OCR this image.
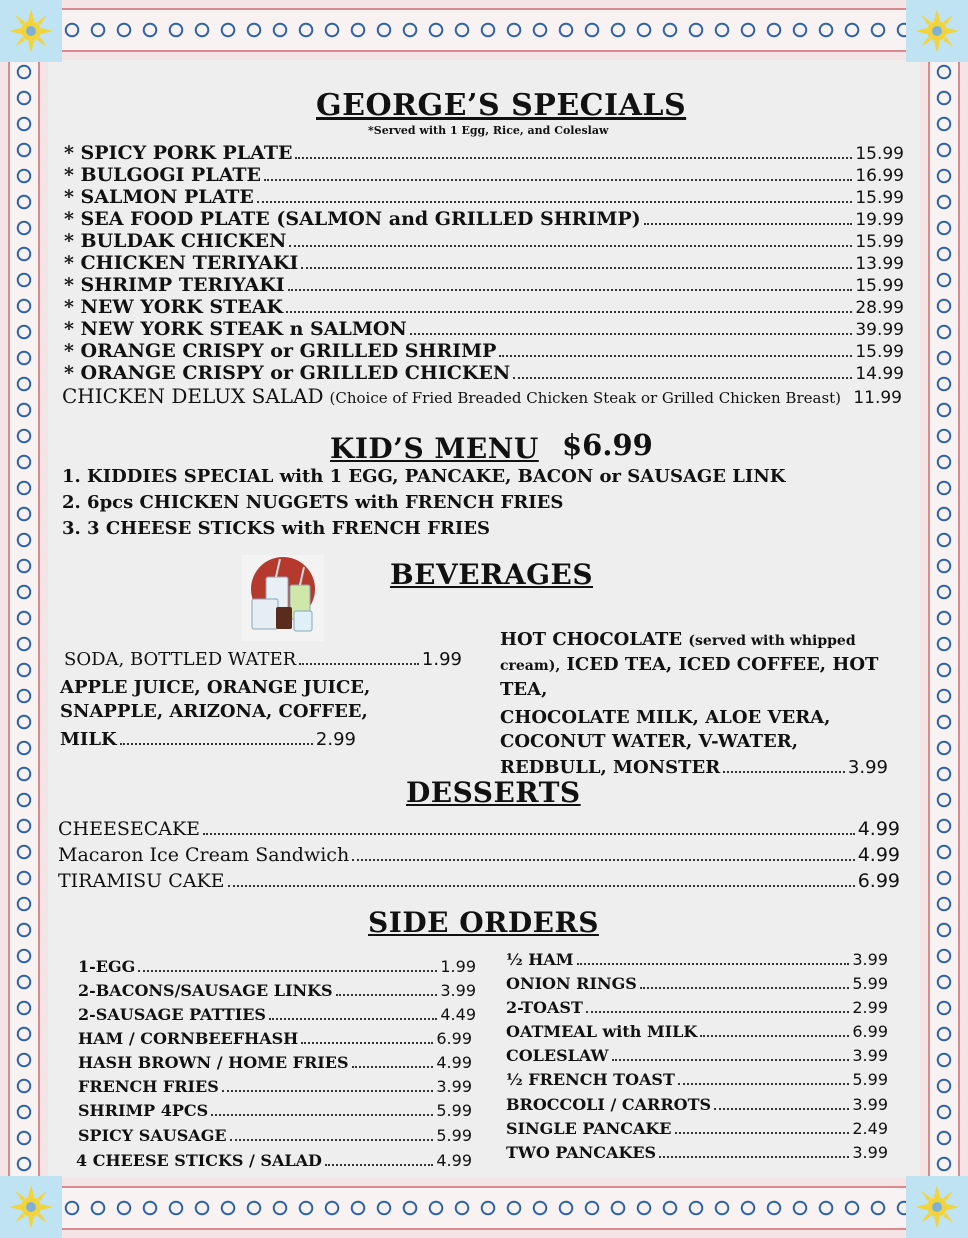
GEORGE’S SPECIALS
*Served with 1 Egg, Rice, and Coleslaw
* SPICY PORK PLATE	15.99
* BULGOGI PLATE	16.99
* SALMON PLATE	15.99
* SEA FOOD PLATE (SALMON and GRILLED SHRIMP)	19.99
* BULDAK CHICKEN	15.99
* CHICKEN TERIYAKI	13.99
* SHRIMP TERIYAKI	15.99
* NEW YORK STEAK	28.99
* NEW YORK STEAK n SALMON	39.99
* ORANGE CRISPY or GRILLED SHRIMP	15.99
* ORANGE CRISPY or GRILLED CHICKEN	14.99
CHICKEN DELUX SALAD (Choice of Fried Breaded Chicken Steak or Grilled Chicken Breast) 11.99
KID’S MENU $6.99
1. KIDDIES SPECIAL with 1 EGG, PANCAKE, BACON or SAUSAGE LINK
2. 6pcs CHICKEN NUGGETS with FRENCH FRIES
3. 3 CHEESE STICKS with FRENCH FRIES
BEVERAGES
SODA, BOTTLED WATER	1.99
APPLE JUICE, ORANGE JUICE,
SNAPPLE, ARIZONA, COFFEE,
MILK	2.99
HOT CHOCOLATE (served with whipped
cream), ICED TEA, ICED COFFEE, HOT TEA,
CHOCOLATE MILK, ALOE VERA,
COCONUT WATER, V-WATER,
REDBULL, MONSTER	3.99
DESSERTS
CHEESECAKE	4.99
Macaron Ice Cream Sandwich	4.99
TIRAMISU CAKE	6.99
SIDE ORDERS
1-EGG	1.99
2-BACONS/SAUSAGE LINKS	3.99
2-SAUSAGE PATTIES	4.49
HAM / CORNBEEFHASH	6.99
HASH BROWN / HOME FRIES	4.99
FRENCH FRIES	3.99
SHRIMP 4PCS	5.99
SPICY SAUSAGE	5.99
4 CHEESE STICKS / SALAD	4.99
½ HAM	3.99
ONION RINGS	5.99
2-TOAST	2.99
OATMEAL with MILK	6.99
COLESLAW	3.99
½ FRENCH TOAST	5.99
BROCCOLI / CARROTS	3.99
SINGLE PANCAKE	2.49
TWO PANCAKES	3.99
